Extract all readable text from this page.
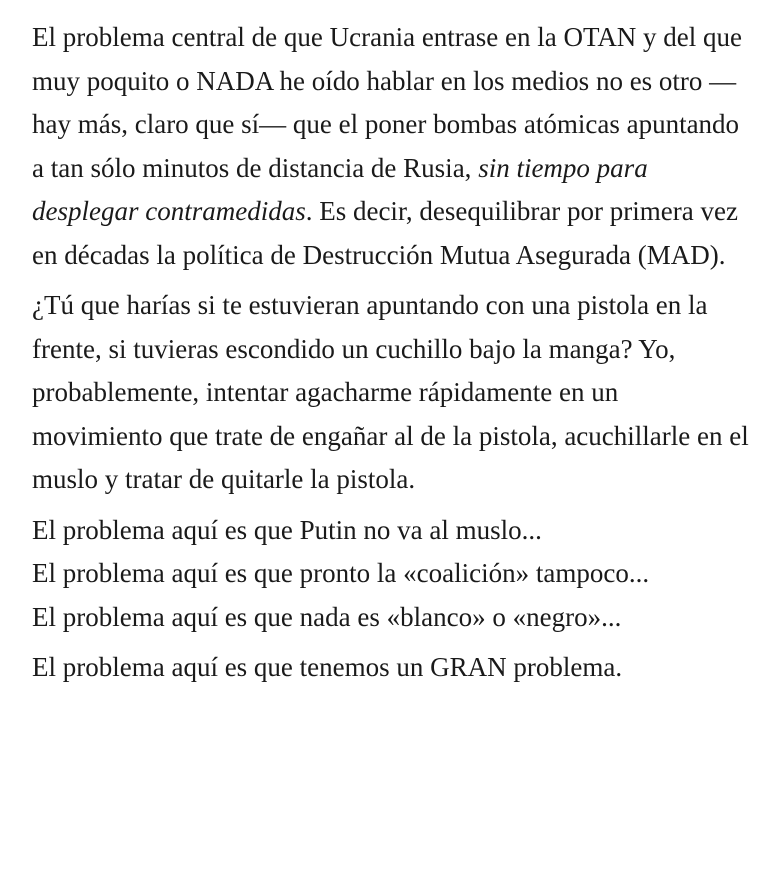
El problema central de que Ucrania entrase en la OTAN y del que muy poquito o NADA he oído hablar en los medios no es otro —hay más, claro que sí— que el poner bombas atómicas apuntando a tan sólo minutos de distancia de Rusia, sin tiempo para desplegar contramedidas. Es decir, desequilibrar por primera vez en décadas la política de Destrucción Mutua Asegurada (MAD).

¿Tú que harías si te estuvieran apuntando con una pistola en la frente, si tuvieras escondido un cuchillo bajo la manga? Yo, probablemente, intentar agacharme rápidamente en un movimiento que trate de engañar al de la pistola, acuchillarle en el muslo y tratar de quitarle la pistola.

El problema aquí es que Putin no va al muslo...

El problema aquí es que pronto la «coalición» tampoco...

El problema aquí es que nada es «blanco» o «negro»...

El problema aquí es que tenemos un GRAN problema.
